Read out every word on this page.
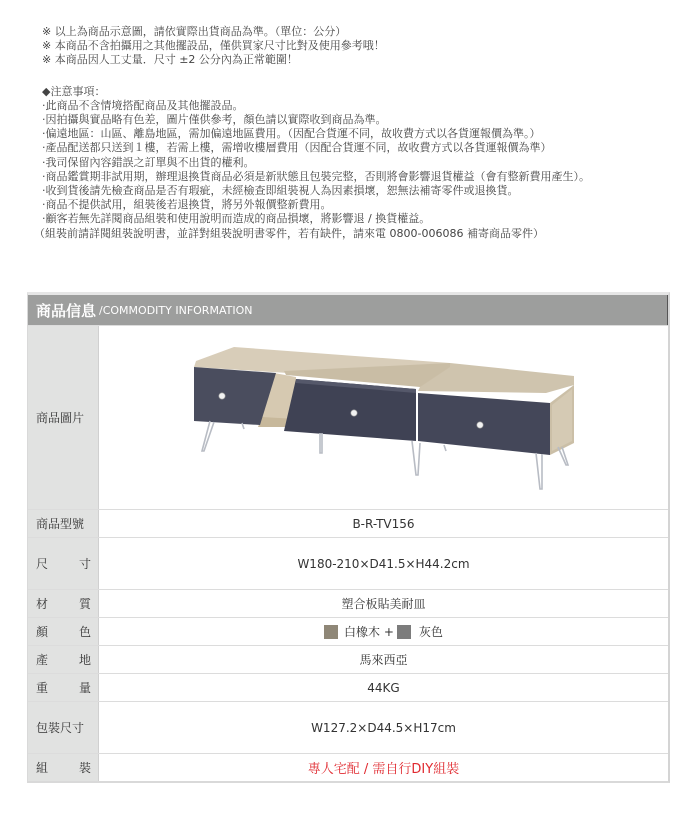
※ 以上為商品示意圖，請依實際出貨商品為準。（單位：公分）
※ 本商品不含拍攝用之其他擺設品，僅供買家尺寸比對及使用參考哦！
※ 本商品因人工丈量．尺寸 ±2 公分內為正常範圍！
◆注意事項：
‧此商品不含情境搭配商品及其他擺設品。
‧因拍攝與實品略有色差，圖片僅供參考，顏色請以實際收到商品為準。
‧偏遠地區：山區、離島地區，需加偏遠地區費用。（因配合貨運不同，故收費方式以各貨運報價為準。）
‧產品配送都只送到１樓，若需上樓，需增收樓層費用（因配合貨運不同，故收費方式以各貨運報價為準）
‧我司保留內容錯誤之訂單與不出貨的權利。
‧商品鑑賞期非試用期，辦理退換貨商品必須是新狀態且包裝完整，否則將會影響退貨權益（會有整新費用產生）。
‧收到貨後請先檢查商品是否有瑕疵，未經檢查即組裝視人為因素損壞，恕無法補寄零件或退換貨。
‧商品不提供試用，組裝後若退換貨，將另外報價整新費用。
‧顧客若無先詳閱商品組裝和使用說明而造成的商品損壞，將影響退 / 換貨權益。
（組裝前請詳閱組裝說明書，並詳對組裝說明書零件，若有缺件，請來電 0800-006086 補寄商品零件）
商品信息 /COMMODITY INFORMATION
商品圖片
商品型號	B-R-TV156
尺	寸	W180-210×D41.5×H44.2cm
材	質	塑合板貼美耐皿
顏	色	白橡木 + 灰色
產	地	馬來西亞
重	量	44KG
包裝尺寸	W127.2×D44.5×H17cm
組	裝	專人宅配 / 需自行DIY組裝
